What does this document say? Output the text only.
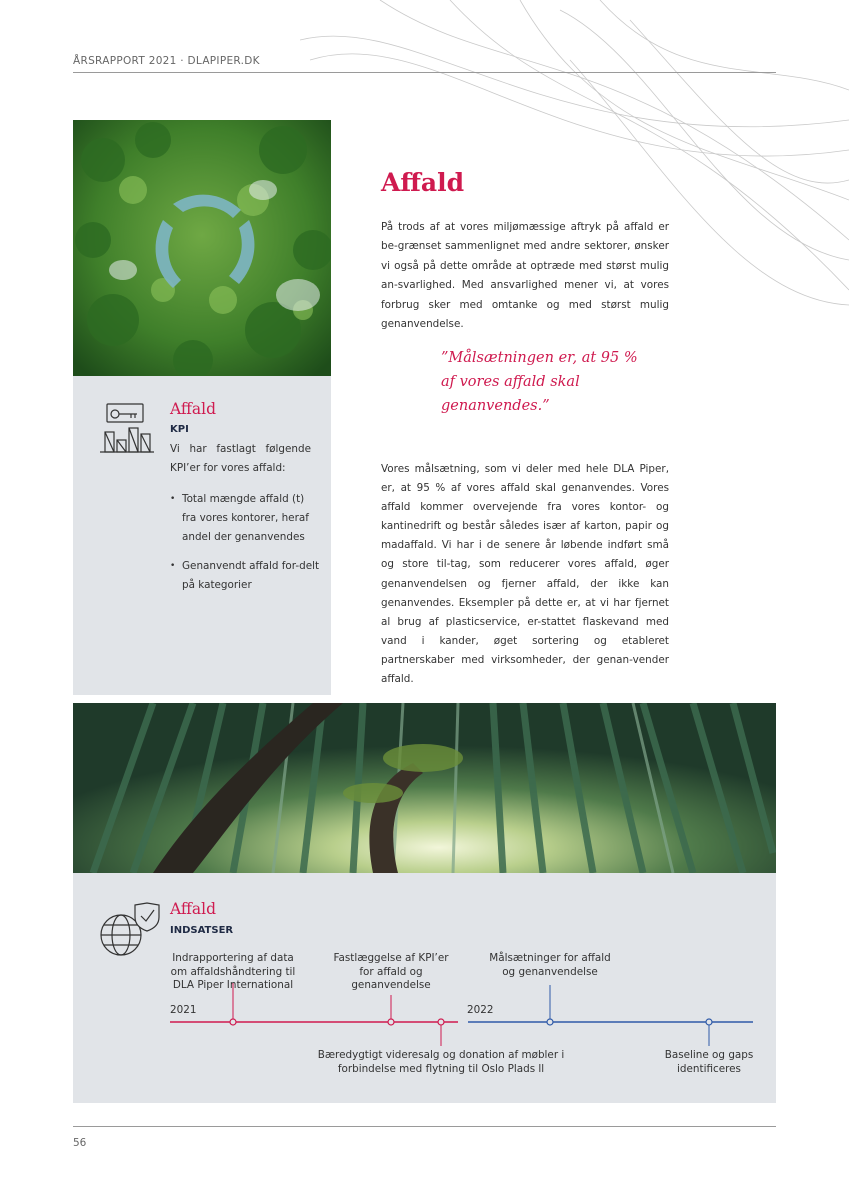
ÅRSRAPPORT 2021 · DLAPIPER.DK
Affald
KPI
Vi har fastlagt følgende KPI’er for vores affald:
• Total mængde affald (t) fra vores kontorer, heraf andel der genanvendes
• Genanvendt affald for-delt på kategorier
Affald

På trods af at vores miljømæssige aftryk på affald er be-grænset sammenlignet med andre sektorer, ønsker vi også på dette område at optræde med størst mulig an-svarlighed. Med ansvarlighed mener vi, at vores forbrug sker med omtanke og med størst mulig genanvendelse.

”Målsætningen er, at 95 % af vores affald skal genanvendes.”

Vores målsætning, som vi deler med hele DLA Piper, er, at 95 % af vores affald skal genanvendes. Vores affald kommer overvejende fra vores kontor- og kantinedrift og består således især af karton, papir og madaffald. Vi har i de senere år løbende indført små og store til-tag, som reducerer vores affald, øger genanvendelsen og fjerner affald, der ikke kan genanvendes. Eksempler på dette er, at vi har fjernet al brug af plasticservice, er-stattet flaskevand med vand i kander, øget sortering og etableret partnerskaber med virksomheder, der genan-vender affald.

Affald
INDSATSER
Indrapportering af data om affaldshåndtering til DLA Piper International
Fastlæggelse af KPI’er for affald og genanvendelse
Målsætninger for affald og genanvendelse
2021	2022
Bæredygtigt videresalg og donation af møbler i forbindelse med flytning til Oslo Plads ll
Baseline og gaps identificeres
56
